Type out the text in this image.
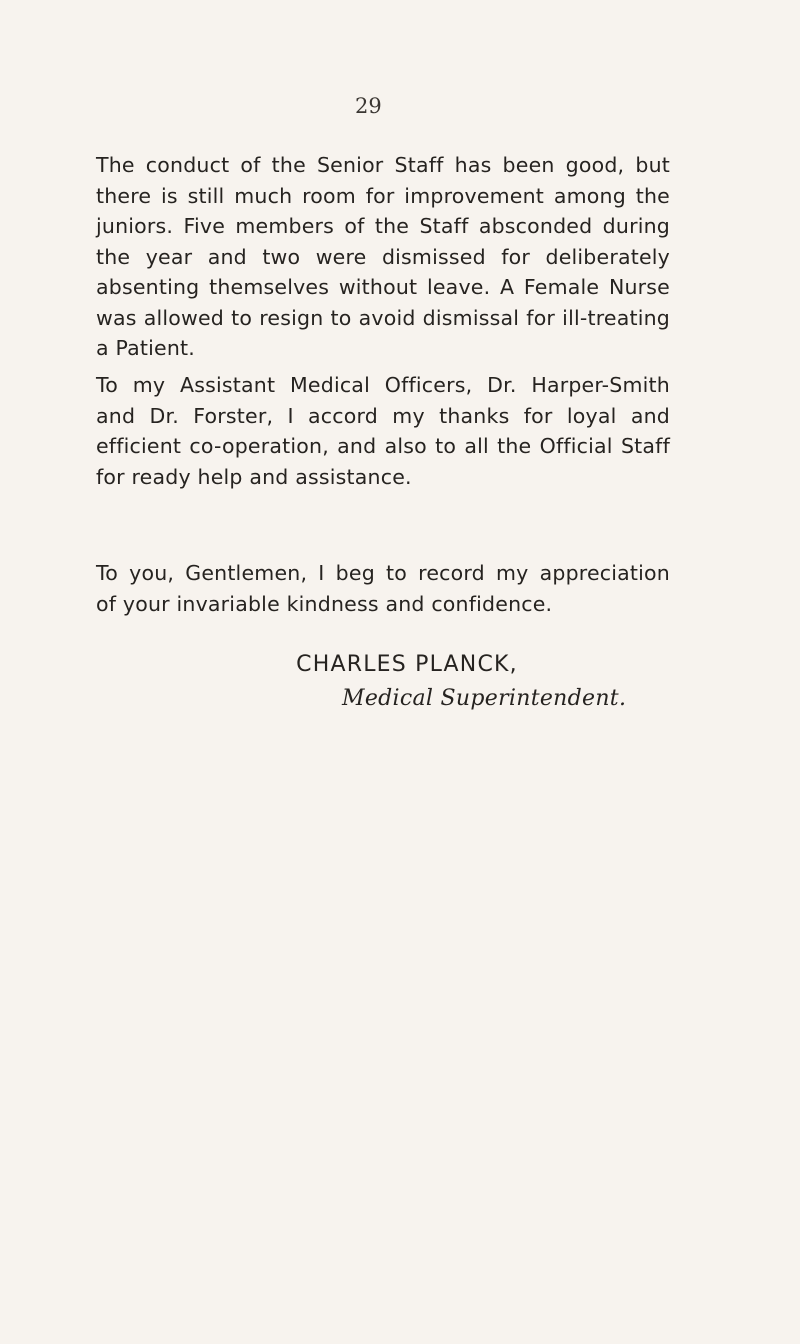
29
The conduct of the Senior Staff has been good, but
there is still much room for improvement among the
juniors. Five members of the Staff absconded during
the year and two were dismissed for deliberately
absenting themselves without leave. A Female Nurse
was allowed to resign to avoid dismissal for ill-treating
a Patient.
To my Assistant Medical Officers, Dr. Harper-Smith
and Dr. Forster, I accord my thanks for loyal and
efficient co-operation, and also to all the Official Staff
for ready help and assistance.
To you, Gentlemen, I beg to record my appreciation
of your invariable kindness and confidence.
CHARLES PLANCK,
Medical Superintendent.
